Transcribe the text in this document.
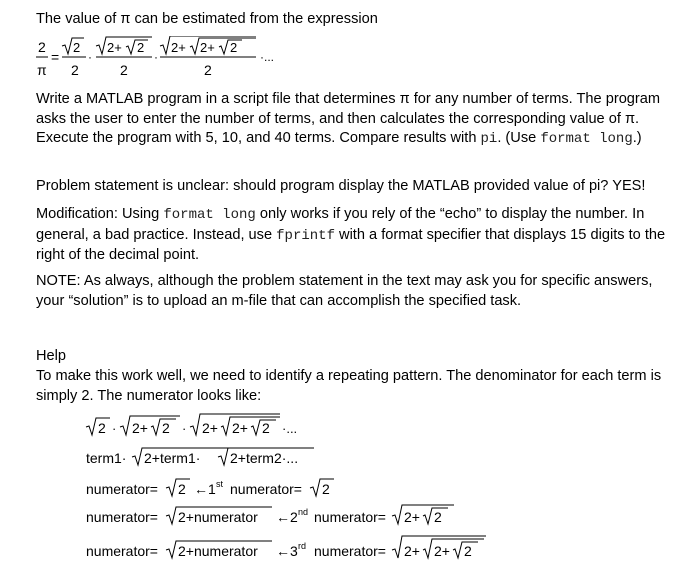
The value of π can be estimated from the expression

2
π
=
2
2
·
2+ 2
2
·
2+ 2+ 2
2
·...

Write a MATLAB program in a script file that determines π for any number of terms. The program asks the user to enter the number of terms, and then calculates the corresponding value of π. Execute the program with 5, 10, and 40 terms. Compare results with pi. (Use format long.)

Problem statement is unclear: should program display the MATLAB provided value of pi? YES!

Modification: Using format long only works if you rely of the “echo” to display the number. In general, a bad practice. Instead, use fprintf with a format specifier that displays 15 digits to the right of the decimal point.

NOTE: As always, although the problem statement in the text may ask you for specific answers, your “solution” is to upload an m-file that can accomplish the specified task.

Help

To make this work well, we need to identify a repeating pattern. The denominator for each term is simply 2. The numerator looks like:

2 · 2+ 2 · 2+ 2+ 2 ·...
term1· 2+term1· 2+term2·...
numerator= 2 ←1 st numerator= 2
numerator= 2+numerator ←2 nd numerator= 2+ 2
numerator= 2+numerator ←3 rd numerator= 2+ 2+ 2
